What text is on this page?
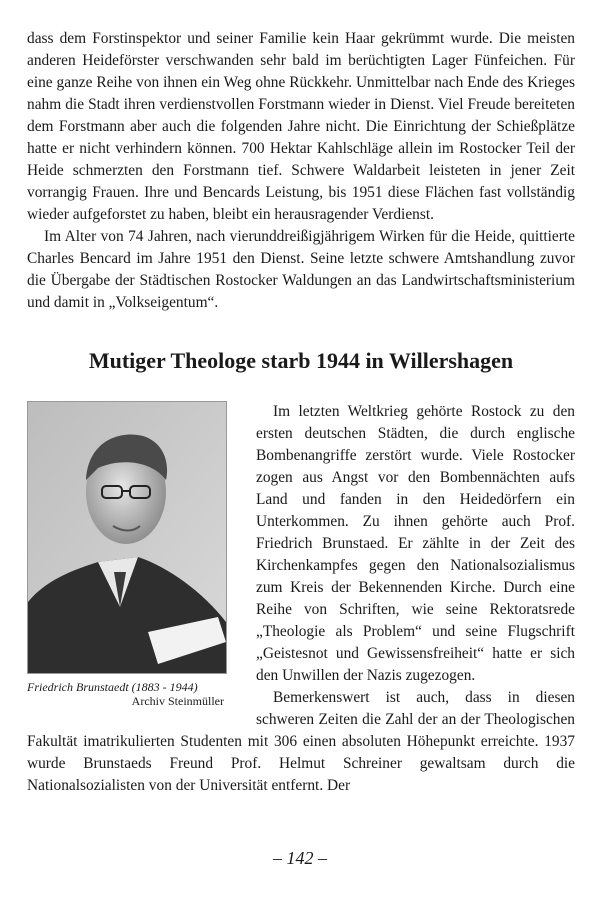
dass dem Forstinspektor und seiner Familie kein Haar gekrümmt wurde. Die meisten anderen Heideförster verschwanden sehr bald im berüchtigten Lager Fünfeichen. Für eine ganze Reihe von ihnen ein Weg ohne Rückkehr. Unmittelbar nach Ende des Krieges nahm die Stadt ihren verdienstvollen Forstmann wieder in Dienst. Viel Freude bereiteten dem Forstmann aber auch die folgenden Jahre nicht. Die Einrichtung der Schießplätze hatte er nicht verhindern können. 700 Hektar Kahlschläge allein im Rostocker Teil der Heide schmerzten den Forstmann tief. Schwere Waldarbeit leisteten in jener Zeit vorrangig Frauen. Ihre und Bencards Leistung, bis 1951 diese Flächen fast vollständig wieder aufgeforstet zu haben, bleibt ein herausragender Verdienst.

Im Alter von 74 Jahren, nach vierunddreißigjährigem Wirken für die Heide, quittierte Charles Bencard im Jahre 1951 den Dienst. Seine letzte schwere Amtshandlung zuvor die Übergabe der Städtischen Rostocker Waldungen an das Landwirtschaftsministerium und damit in „Volkseigentum“.

Mutiger Theologe starb 1944 in Willershagen
Friedrich Brunstaedt (1883 - 1944)
Archiv Steinmüller

Im letzten Weltkrieg gehörte Rostock zu den ersten deutschen Städten, die durch englische Bombenangriffe zerstört wurde. Viele Rostocker zogen aus Angst vor den Bombennächten aufs Land und fanden in den Heidedörfern ein Unterkommen. Zu ihnen gehörte auch Prof. Friedrich Brunstaed. Er zählte in der Zeit des Kirchenkampfes gegen den Nationalsozialismus zum Kreis der Bekennenden Kirche. Durch eine Reihe von Schriften, wie seine Rektoratsrede „Theologie als Problem“ und seine Flugschrift „Geistesnot und Gewissensfreiheit“ hatte er sich den Unwillen der Nazis zugezogen.

Bemerkenswert ist auch, dass in diesen schweren Zeiten die Zahl der an der Theologischen Fakultät imatrikulierten Studenten mit 306 einen absoluten Höhepunkt erreichte. 1937 wurde Brunstaeds Freund Prof. Helmut Schreiner gewaltsam durch die Nationalsozialisten von der Universität entfernt. Der

– 142 –
